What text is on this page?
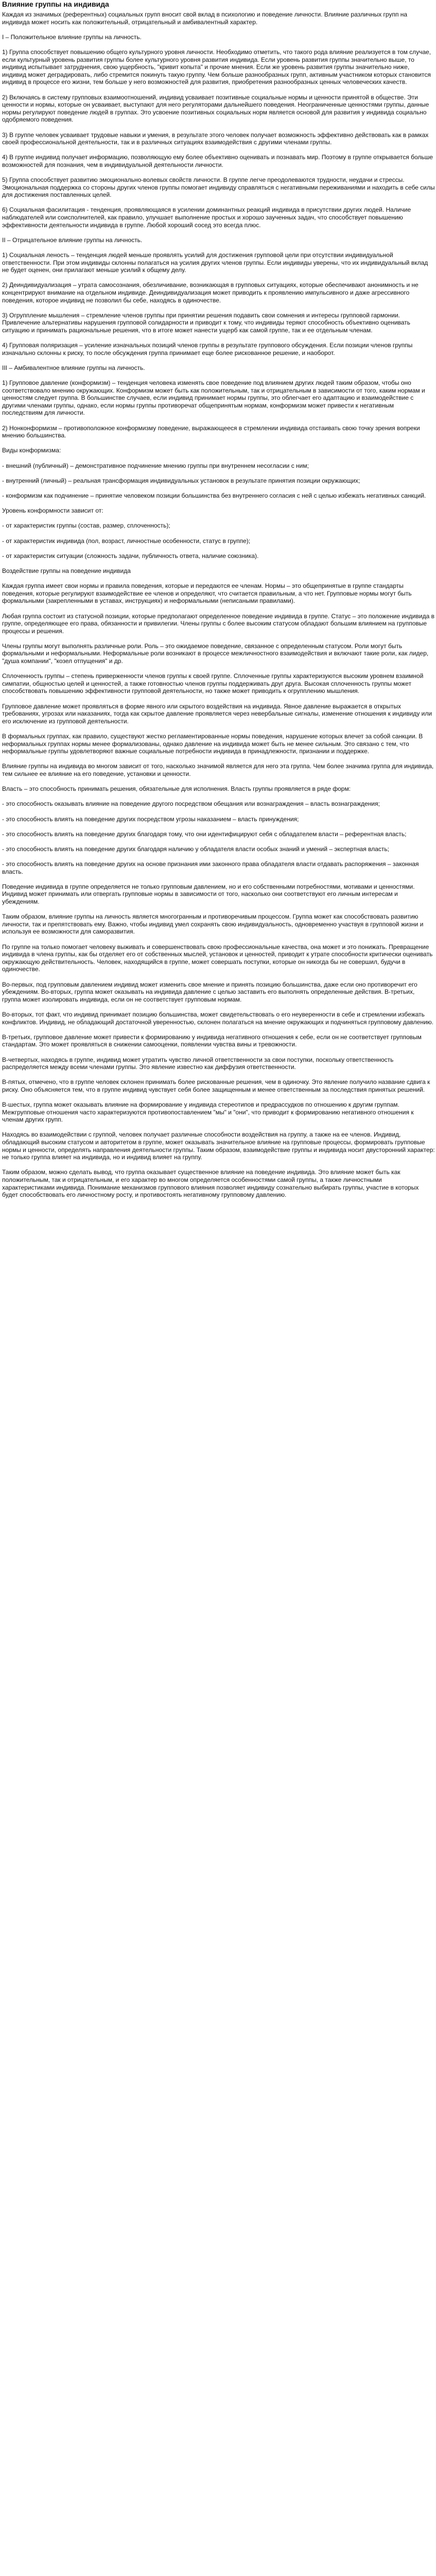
Влияние группы на индивида

Каждая из значимых (референтных) социальных групп вносит свой вклад в психологию и поведение личности. Влияние различных групп на индивида может носить как положительный, отрицательный и амбивалентный характер.

I – Положительное влияние группы на личность.

1) Группа способствует повышению общего культурного уровня личности. Необходимо отметить, что такого рода влияние реализуется в том случае, если культурный уровень развития группы более культурного уровня развития индивида. Если уровень развития группы значительно выше, то индивид испытывает затруднения, свою ущербность, "кривит копыта" и прочие мнения. Если же уровень развития группы значительно ниже, индивид может деградировать, либо стремится покинуть такую группу. Чем больше разнообразных групп, активным участником которых становится индивид в процессе его жизни, тем больше у него возможностей для развития, приобретения разнообразных ценных человеческих качеств.

2) Включаясь в систему групповых взаимоотношений, индивид усваивает позитивные социальные нормы и ценности принятой в обществе. Эти ценности и нормы, которые он усваивает, выступают для него регуляторами дальнейшего поведения. Неограниченные ценностями группы, данные нормы регулируют поведение людей в группах. Это усвоение позитивных социальных норм является основой для развития у индивида социально одобряемого поведения.

3) В группе человек усваивает трудовые навыки и умения, в результате этого человек получает возможность эффективно действовать как в рамках своей профессиональной деятельности, так и в различных ситуациях взаимодействия с другими членами группы.

4) В группе индивид получает информацию, позволяющую ему более объективно оценивать и познавать мир. Поэтому в группе открывается больше возможностей для познания, чем в индивидуальной деятельности личности.

5) Группа способствует развитию эмоционально-волевых свойств личности. В группе легче преодолеваются трудности, неудачи и стрессы. Эмоциональная поддержка со стороны других членов группы помогает индивиду справляться с негативными переживаниями и находить в себе силы для достижения поставленных целей.

6) Социальная фасилитация - тенденция, проявляющаяся в усилении доминантных реакций индивида в присутствии других людей. Наличие наблюдателей или соисполнителей, как правило, улучшает выполнение простых и хорошо заученных задач, что способствует повышению эффективности деятельности индивида в группе. Любой хороший сосед это всегда плюс.

II – Отрицательное влияние группы на личность.

1) Социальная леность – тенденция людей меньше проявлять усилий для достижения групповой цели при отсутствии индивидуальной ответственности. При этом индивиды склонны полагаться на усилия других членов группы. Если индивиды уверены, что их индивидуальный вклад не будет оценен, они прилагают меньше усилий к общему делу.

2) Деиндивидуализация – утрата самосознания, обезличивание, возникающая в групповых ситуациях, которые обеспечивают анонимность и не концентрируют внимание на отдельном индивиде. Деиндивидуализация может приводить к проявлению импульсивного и даже агрессивного поведения, которое индивид не позволил бы себе, находясь в одиночестве.

3) Огруппление мышления – стремление членов группы при принятии решения подавить свои сомнения и интересы групповой гармонии. Привлечение альтернативы нарушения групповой солидарности и приводит к тому, что индивиды теряют способность объективно оценивать ситуацию и принимать рациональные решения, что в итоге может нанести ущерб как самой группе, так и ее отдельным членам.

4) Групповая поляризация – усиление изначальных позиций членов группы в результате группового обсуждения. Если позиции членов группы изначально склонны к риску, то после обсуждения группа принимает еще более рискованное решение, и наоборот.

III – Амбивалентное влияние группы на личность.

1) Групповое давление (конформизм) – тенденция человека изменять свое поведение под влиянием других людей таким образом, чтобы оно соответствовало мнению окружающих. Конформизм может быть как положительным, так и отрицательным в зависимости от того, каким нормам и ценностям следует группа. В большинстве случаев, если индивид принимает нормы группы, это облегчает его адаптацию и взаимодействие с другими членами группы, однако, если нормы группы противоречат общепринятым нормам, конформизм может привести к негативным последствиям для личности.

2) Нонконформизм – противоположное конформизму поведение, выражающееся в стремлении индивида отстаивать свою точку зрения вопреки мнению большинства.

Виды конформизма:

- внешний (публичный) – демонстративное подчинение мнению группы при внутреннем несогласии с ним;

- внутренний (личный) – реальная трансформация индивидуальных установок в результате принятия позиции окружающих;

- конформизм как подчинение – принятие человеком позиции большинства без внутреннего согласия с ней с целью избежать негативных санкций.

Уровень конформности зависит от:

- от характеристик группы (состав, размер, сплоченность);

- от характеристик индивида (пол, возраст, личностные особенности, статус в группе);

- от характеристик ситуации (сложность задачи, публичность ответа, наличие союзника).

Воздействие группы на поведение индивида

Каждая группа имеет свои нормы и правила поведения, которые и передаются ее членам. Нормы – это общепринятые в группе стандарты поведения, которые регулируют взаимодействие ее членов и определяют, что считается правильным, а что нет. Групповые нормы могут быть формальными (закрепленными в уставах, инструкциях) и неформальными (неписаными правилами).

Любая группа состоит из статусной позиции, которые предполагают определенное поведение индивида в группе. Статус – это положение индивида в группе, определяющее его права, обязанности и привилегии. Члены группы с более высоким статусом обладают большим влиянием на групповые процессы и решения.

Члены группы могут выполнять различные роли. Роль – это ожидаемое поведение, связанное с определенным статусом. Роли могут быть формальными и неформальными. Неформальные роли возникают в процессе межличностного взаимодействия и включают такие роли, как лидер, "душа компании", "козел отпущения" и др.

Сплоченность группы – степень приверженности членов группы к своей группе. Сплоченные группы характеризуются высоким уровнем взаимной симпатии, общностью целей и ценностей, а также готовностью членов группы поддерживать друг друга. Высокая сплоченность группы может способствовать повышению эффективности групповой деятельности, но также может приводить к огрупплению мышления.

Групповое давление может проявляться в форме явного или скрытого воздействия на индивида. Явное давление выражается в открытых требованиях, угрозах или наказаниях, тогда как скрытое давление проявляется через невербальные сигналы, изменение отношения к индивиду или его исключение из групповой деятельности.

В формальных группах, как правило, существуют жестко регламентированные нормы поведения, нарушение которых влечет за собой санкции. В неформальных группах нормы менее формализованы, однако давление на индивида может быть не менее сильным. Это связано с тем, что неформальные группы удовлетворяют важные социальные потребности индивида в принадлежности, признании и поддержке.

Влияние группы на индивида во многом зависит от того, насколько значимой является для него эта группа. Чем более значима группа для индивида, тем сильнее ее влияние на его поведение, установки и ценности.

Власть – это способность принимать решения, обязательные для исполнения. Власть группы проявляется в ряде форм:

- это способность оказывать влияние на поведение другого посредством обещания или вознаграждения – власть вознаграждения;

- это способность влиять на поведение других посредством угрозы наказанием – власть принуждения;

- это способность влиять на поведение других благодаря тому, что они идентифицируют себя с обладателем власти – референтная власть;

- это способность влиять на поведение других благодаря наличию у обладателя власти особых знаний и умений – экспертная власть;

- это способность влиять на поведение других на основе признания ими законного права обладателя власти отдавать распоряжения – законная власть.

Поведение индивида в группе определяется не только групповым давлением, но и его собственными потребностями, мотивами и ценностями. Индивид может принимать или отвергать групповые нормы в зависимости от того, насколько они соответствуют его личным интересам и убеждениям.

Таким образом, влияние группы на личность является многогранным и противоречивым процессом. Группа может как способствовать развитию личности, так и препятствовать ему. Важно, чтобы индивид умел сохранять свою индивидуальность, одновременно участвуя в групповой жизни и используя ее возможности для саморазвития.

По группе на только помогает человеку выживать и совершенствовать свою профессиональные качества, она может и это понижать. Превращение индивида в члена группы, как бы отделяет его от собственных мыслей, установок и ценностей, приводит к утрате способности критически оценивать окружающую действительность. Человек, находящийся в группе, может совершать поступки, которые он никогда бы не совершил, будучи в одиночестве.

Во-первых, под групповым давлением индивид может изменить свое мнение и принять позицию большинства, даже если оно противоречит его убеждениям. Во-вторых, группа может оказывать на индивида давление с целью заставить его выполнять определенные действия. В-третьих, группа может изолировать индивида, если он не соответствует групповым нормам.

Во-вторых, тот факт, что индивид принимает позицию большинства, может свидетельствовать о его неуверенности в себе и стремлении избежать конфликтов. Индивид, не обладающий достаточной уверенностью, склонен полагаться на мнение окружающих и подчиняться групповому давлению.

В-третьих, групповое давление может привести к формированию у индивида негативного отношения к себе, если он не соответствует групповым стандартам. Это может проявляться в снижении самооценки, появлении чувства вины и тревожности.

В-четвертых, находясь в группе, индивид может утратить чувство личной ответственности за свои поступки, поскольку ответственность распределяется между всеми членами группы. Это явление известно как диффузия ответственности.

В-пятых, отмечено, что в группе человек склонен принимать более рискованные решения, чем в одиночку. Это явление получило название сдвига к риску. Оно объясняется тем, что в группе индивид чувствует себя более защищенным и менее ответственным за последствия принятых решений.

В-шестых, группа может оказывать влияние на формирование у индивида стереотипов и предрассудков по отношению к другим группам. Межгрупповые отношения часто характеризуются противопоставлением "мы" и "они", что приводит к формированию негативного отношения к членам других групп.

Находясь во взаимодействии с группой, человек получает различные способности воздействия на группу, а также на ее членов. Индивид, обладающий высоким статусом и авторитетом в группе, может оказывать значительное влияние на групповые процессы, формировать групповые нормы и ценности, определять направления деятельности группы. Таким образом, взаимодействие группы и индивида носит двусторонний характер: не только группа влияет на индивида, но и индивид влияет на группу.

Таким образом, можно сделать вывод, что группа оказывает существенное влияние на поведение индивида. Это влияние может быть как положительным, так и отрицательным, и его характер во многом определяется особенностями самой группы, а также личностными характеристиками индивида. Понимание механизмов группового влияния позволяет индивиду сознательно выбирать группы, участие в которых будет способствовать его личностному росту, и противостоять негативному групповому давлению.
